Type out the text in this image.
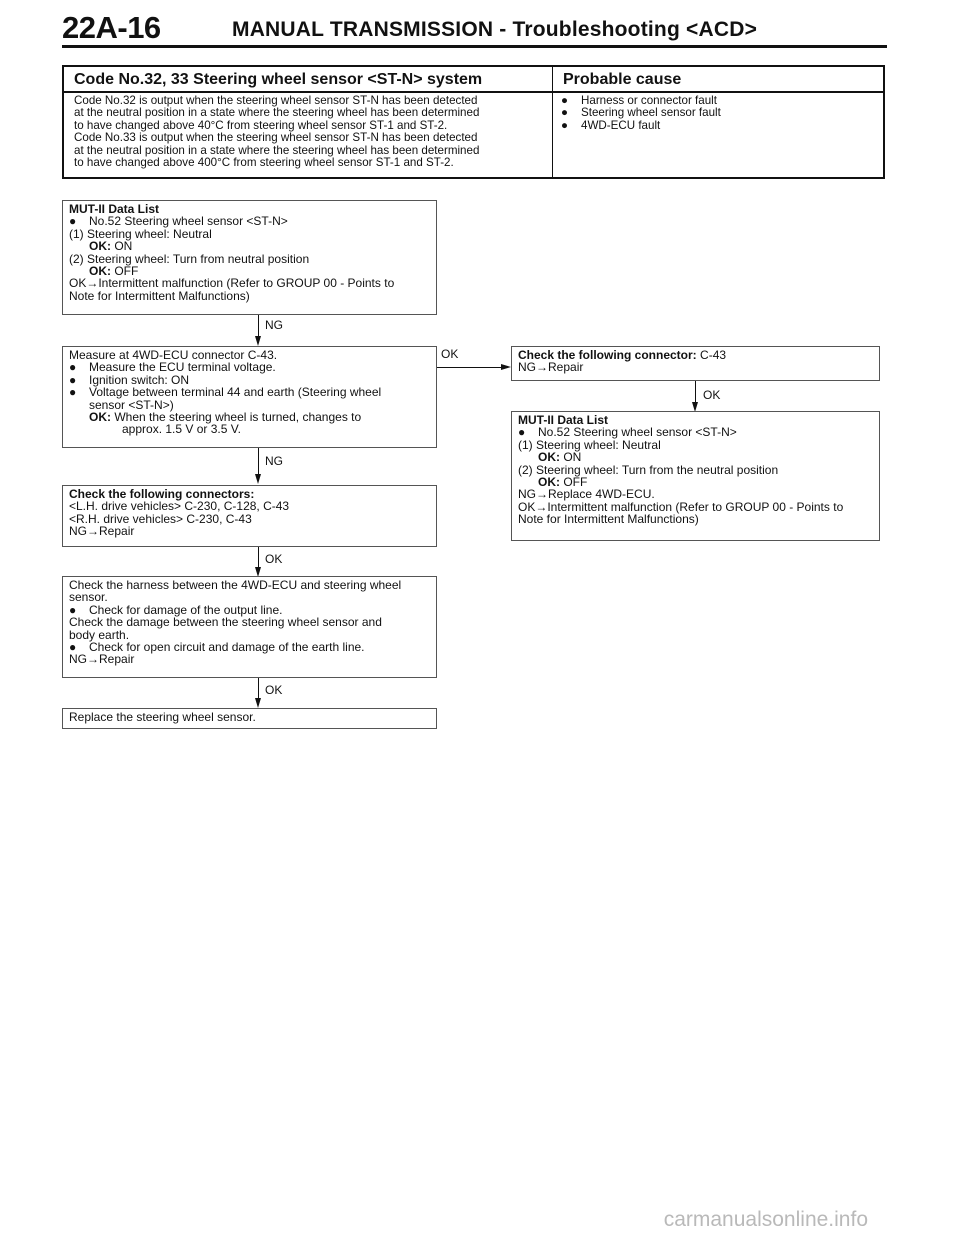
22A-16	MANUAL TRANSMISSION - Troubleshooting <ACD>
Code No.32, 33 Steering wheel sensor <ST-N> system	Probable cause
Code No.32 is output when the steering wheel sensor ST-N has been detected
at the neutral position in a state where the steering wheel has been determined
to have changed above 40°C from steering wheel sensor ST-1 and ST-2.
Code No.33 is output when the steering wheel sensor ST-N has been detected
at the neutral position in a state where the steering wheel has been determined
to have changed above 400°C from steering wheel sensor ST-1 and ST-2.
● Harness or connector fault
● Steering wheel sensor fault
● 4WD-ECU fault
MUT-II Data List
● No.52 Steering wheel sensor <ST-N>
(1) Steering wheel: Neutral
OK: ON
(2) Steering wheel: Turn from neutral position
OK: OFF
OK→Intermittent malfunction (Refer to GROUP 00 - Points to
Note for Intermittent Malfunctions)
NG
Measure at 4WD-ECU connector C-43.
● Measure the ECU terminal voltage.
● Ignition switch: ON
● Voltage between terminal 44 and earth (Steering wheel
sensor <ST-N>)
OK: When the steering wheel is turned, changes to
approx. 1.5 V or 3.5 V.
OK	Check the following connector: C-43
NG→Repair
OK
MUT-II Data List
● No.52 Steering wheel sensor <ST-N>
(1) Steering wheel: Neutral
OK: ON
(2) Steering wheel: Turn from the neutral position
OK: OFF
NG→Replace 4WD-ECU.
OK→Intermittent malfunction (Refer to GROUP 00 - Points to
Note for Intermittent Malfunctions)
NG
Check the following connectors:
<L.H. drive vehicles> C-230, C-128, C-43
<R.H. drive vehicles> C-230, C-43
NG→Repair
OK
Check the harness between the 4WD-ECU and steering wheel
sensor.
● Check for damage of the output line.
Check the damage between the steering wheel sensor and
body earth.
● Check for open circuit and damage of the earth line.
NG→Repair
OK
Replace the steering wheel sensor.
carmanualsonline.info
